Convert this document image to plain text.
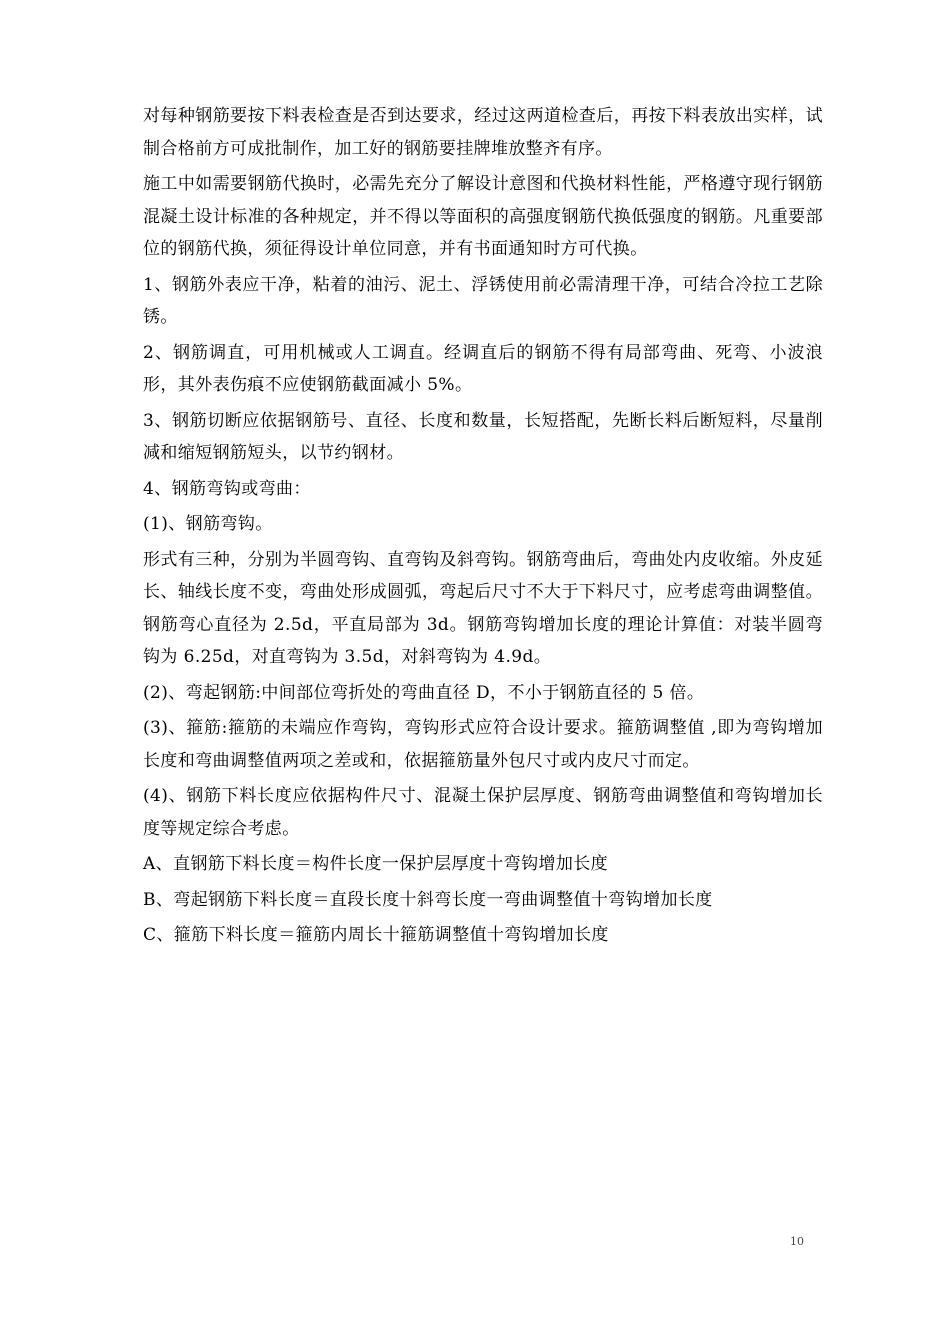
对每种钢筋要按下料表检查是否到达要求，经过这两道检查后，再按下料表放出实样，试制合格前方可成批制作，加工好的钢筋要挂牌堆放整齐有序。

施工中如需要钢筋代换时，必需先充分了解设计意图和代换材料性能，严格遵守现行钢筋混凝土设计标准的各种规定，并不得以等面积的高强度钢筋代换低强度的钢筋。凡重要部位的钢筋代换，须征得设计单位同意，并有书面通知时方可代换。

1、钢筋外表应干净，粘着的油污、泥土、浮锈使用前必需清理干净，可结合冷拉工艺除锈。

2、钢筋调直，可用机械或人工调直。经调直后的钢筋不得有局部弯曲、死弯、小波浪形，其外表伤痕不应使钢筋截面减小 5%。

3、钢筋切断应依据钢筋号、直径、长度和数量，长短搭配，先断长料后断短料，尽量削减和缩短钢筋短头，以节约钢材。

4、钢筋弯钩或弯曲：

(1)、钢筋弯钩。

形式有三种，分别为半圆弯钩、直弯钩及斜弯钩。钢筋弯曲后，弯曲处内皮收缩。外皮延长、轴线长度不变，弯曲处形成圆弧，弯起后尺寸不大于下料尺寸，应考虑弯曲调整值。钢筋弯心直径为 2.5d，平直局部为 3d。钢筋弯钩增加长度的理论计算值：对装半圆弯钩为 6.25d，对直弯钩为 3.5d，对斜弯钩为 4.9d。

(2)、弯起钢筋:中间部位弯折处的弯曲直径 D，不小于钢筋直径的 5 倍。

(3)、箍筋:箍筋的未端应作弯钩，弯钩形式应符合设计要求。箍筋调整值 ,即为弯钩增加长度和弯曲调整值两项之差或和，依据箍筋量外包尺寸或内皮尺寸而定。

(4)、钢筋下料长度应依据构件尺寸、混凝土保护层厚度、钢筋弯曲调整值和弯钩增加长度等规定综合考虑。

A、直钢筋下料长度＝构件长度一保护层厚度十弯钩增加长度

B、弯起钢筋下料长度＝直段长度十斜弯长度一弯曲调整值十弯钩增加长度

C、箍筋下料长度＝箍筋内周长十箍筋调整值十弯钩增加长度

10
